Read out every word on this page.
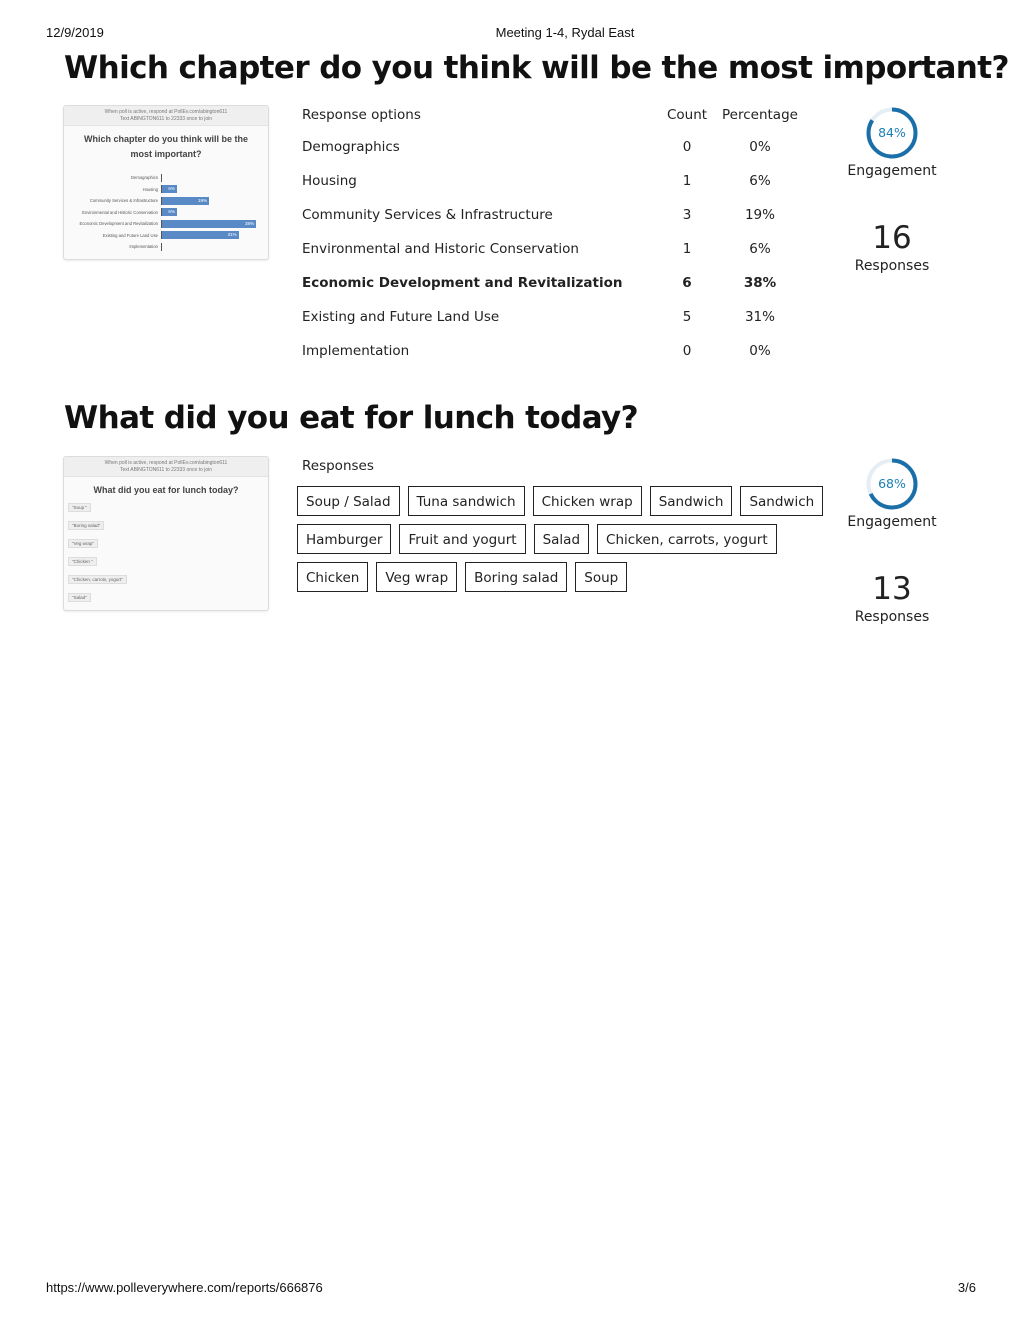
12/9/2019	Meeting 1-4, Rydal East
Which chapter do you think will be the most important?
When poll is active, respond at PollEv.com/abington611
Text ABINGTON611 to 22333 once to join
Which chapter do you think will be the most important?
Demographics
Housing	6%
Community Services & Infrastructure	19%
Environmental and Historic Conservation	6%
Economic Development and Revitalization	38%
Existing and Future Land Use	31%
Implementation
Response options	Count	Percentage
Demographics	0	0%
Housing	1	6%
Community Services & Infrastructure	3	19%
Environmental and Historic Conservation	1	6%
Economic Development and Revitalization	6	38%
Existing and Future Land Use	5	31%
Implementation	0	0%
84%
Engagement
16
Responses
What did you eat for lunch today?
When poll is active, respond at PollEv.com/abington611
Text ABINGTON611 to 22333 once to join
What did you eat for lunch today?
"Soup "
"Boring salad"
"Veg wrap"
"Chicken "
"Chicken, carrots, yogurt"
"Salad"
Responses
Soup / Salad	Tuna sandwich	Chicken wrap	Sandwich	Sandwich
Hamburger	Fruit and yogurt	Salad	Chicken, carrots, yogurt
Chicken	Veg wrap	Boring salad	Soup
68%
Engagement
13
Responses
https://www.polleverywhere.com/reports/666876	3/6
